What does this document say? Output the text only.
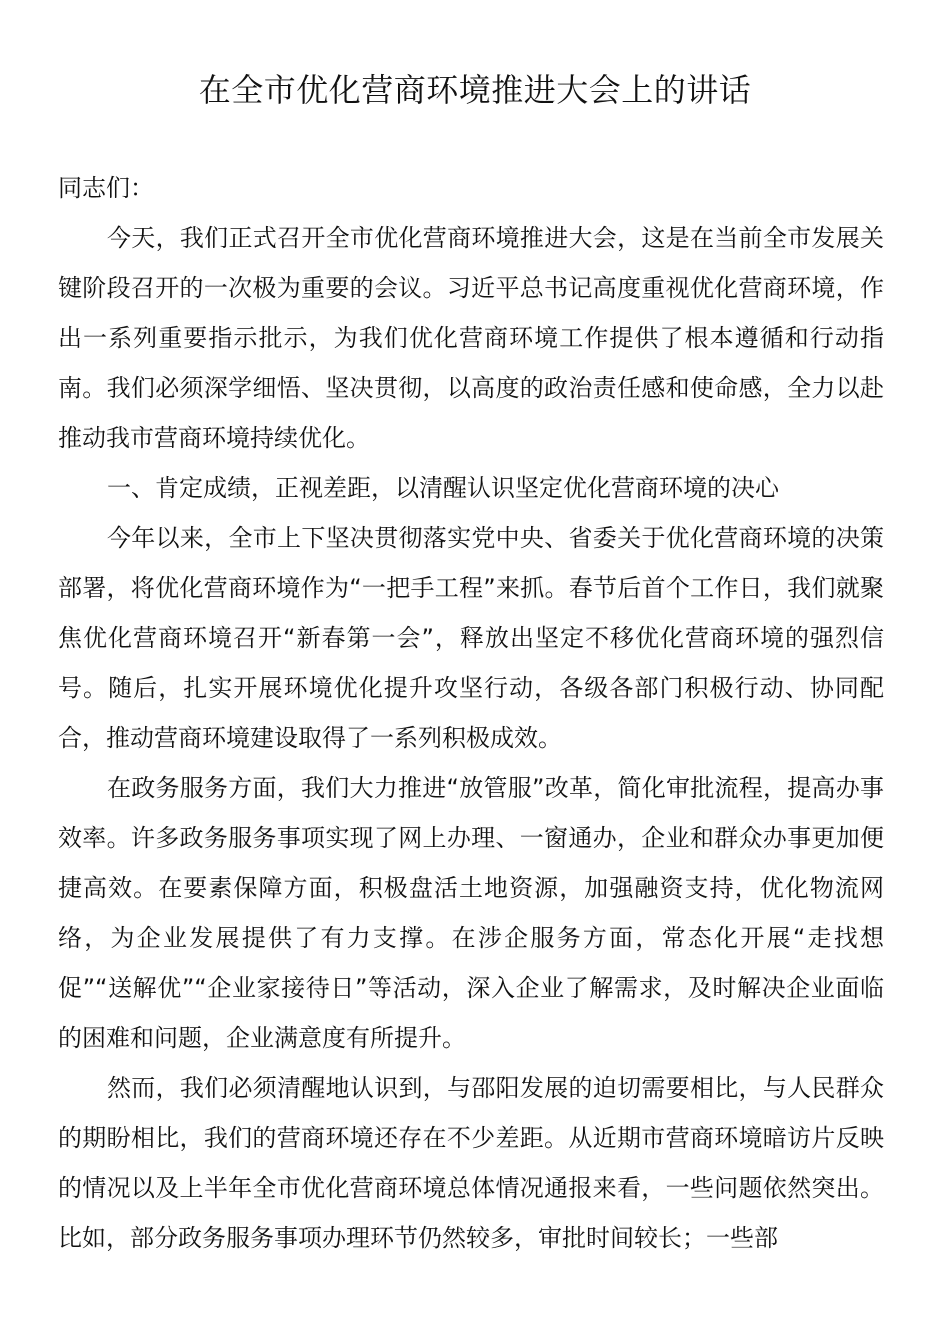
在全市优化营商环境推进大会上的讲话

同志们：

今天，我们正式召开全市优化营商环境推进大会，这是在当前全市发展关键阶段召开的一次极为重要的会议。习近平总书记高度重视优化营商环境，作出一系列重要指示批示，为我们优化营商环境工作提供了根本遵循和行动指南。我们必须深学细悟、坚决贯彻，以高度的政治责任感和使命感，全力以赴推动我市营商环境持续优化。

一、肯定成绩，正视差距，以清醒认识坚定优化营商环境的决心

今年以来，全市上下坚决贯彻落实党中央、省委关于优化营商环境的决策部署，将优化营商环境作为“一把手工程”来抓。春节后首个工作日，我们就聚焦优化营商环境召开“新春第一会”，释放出坚定不移优化营商环境的强烈信号。随后，扎实开展环境优化提升攻坚行动，各级各部门积极行动、协同配合，推动营商环境建设取得了一系列积极成效。

在政务服务方面，我们大力推进“放管服”改革，简化审批流程，提高办事效率。许多政务服务事项实现了网上办理、一窗通办，企业和群众办事更加便捷高效。在要素保障方面，积极盘活土地资源，加强融资支持，优化物流网络，为企业发展提供了有力支撑。在涉企服务方面，常态化开展“走找想促”“送解优”“企业家接待日”等活动，深入企业了解需求，及时解决企业面临的困难和问题，企业满意度有所提升。

然而，我们必须清醒地认识到，与邵阳发展的迫切需要相比，与人民群众的期盼相比，我们的营商环境还存在不少差距。从近期市营商环境暗访片反映的情况以及上半年全市优化营商环境总体情况通报来看，一些问题依然突出。比如，部分政务服务事项办理环节仍然较多，审批时间较长；一些部
